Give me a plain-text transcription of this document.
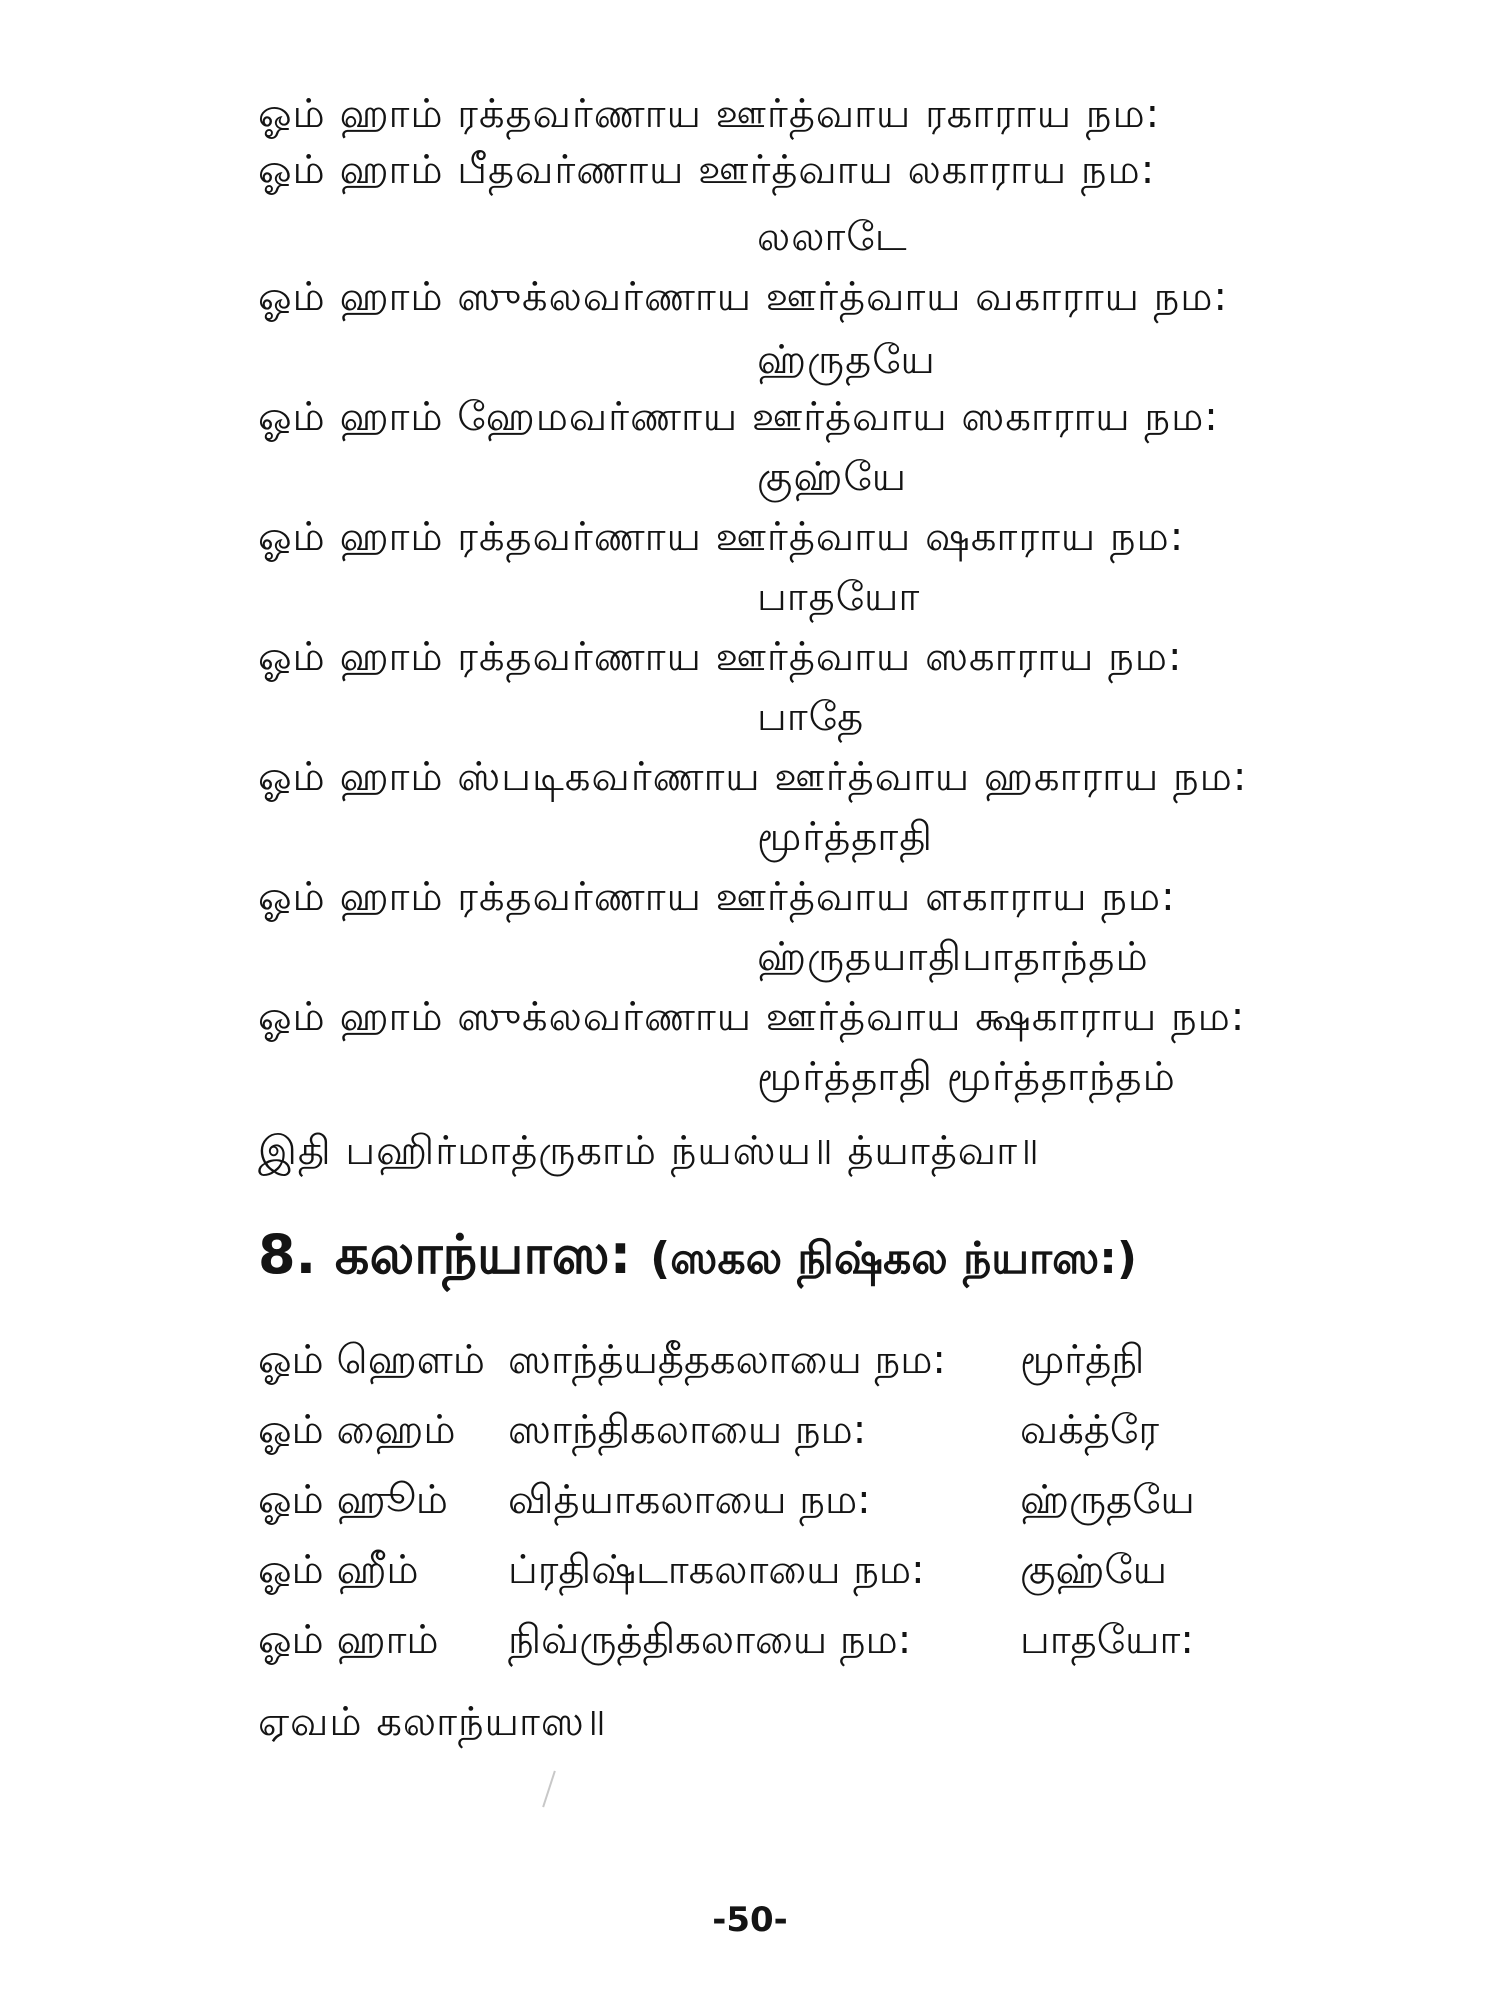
ஓம் ஹாம் ரக்தவர்ணாய ஊர்த்வாய ரகாராய நம:
ஓம் ஹாம் பீதவர்ணாய ஊர்த்வாய லகாராய நம:
லலாடே
ஓம் ஹாம் ஸுக்லவர்ணாய ஊர்த்வாய வகாராய நம:
ஹ்ருதயே
ஓம் ஹாம் ஹேமவர்ணாய ஊர்த்வாய ஸகாராய நம:
குஹ்யே
ஓம் ஹாம் ரக்தவர்ணாய ஊர்த்வாய ஷகாராய நம:
பாதயோ
ஓம் ஹாம் ரக்தவர்ணாய ஊர்த்வாய ஸகாராய நம:
பாதே
ஓம் ஹாம் ஸ்படிகவர்ணாய ஊர்த்வாய ஹகாராய நம:
மூர்த்தாதி
ஓம் ஹாம் ரக்தவர்ணாய ஊர்த்வாய ளகாராய நம:
ஹ்ருதயாதிபாதாந்தம்
ஓம் ஹாம் ஸுக்லவர்ணாய ஊர்த்வாய க்ஷகாராய நம:
மூர்த்தாதி மூர்த்தாந்தம்
இதி பஹிர்மாத்ருகாம் ந்யஸ்ய॥ த்யாத்வா॥
8. கலாந்யாஸ: (ஸகல நிஷ்கல ந்யாஸ:)
ஓம் ஹௌம் ஸாந்த்யதீதகலாயை நம: மூர்த்நி
ஓம் ஹைம் ஸாந்திகலாயை நம:	வக்த்ரே
ஓம் ஹூம் வித்யாகலாயை நம:	ஹ்ருதயே
ஓம் ஹீம் ப்ரதிஷ்டாகலாயை நம: குஹ்யே
ஓம் ஹாம் நிவ்ருத்திகலாயை நம:	பாதயோ:
ஏவம் கலாந்யாஸ॥
-50-
